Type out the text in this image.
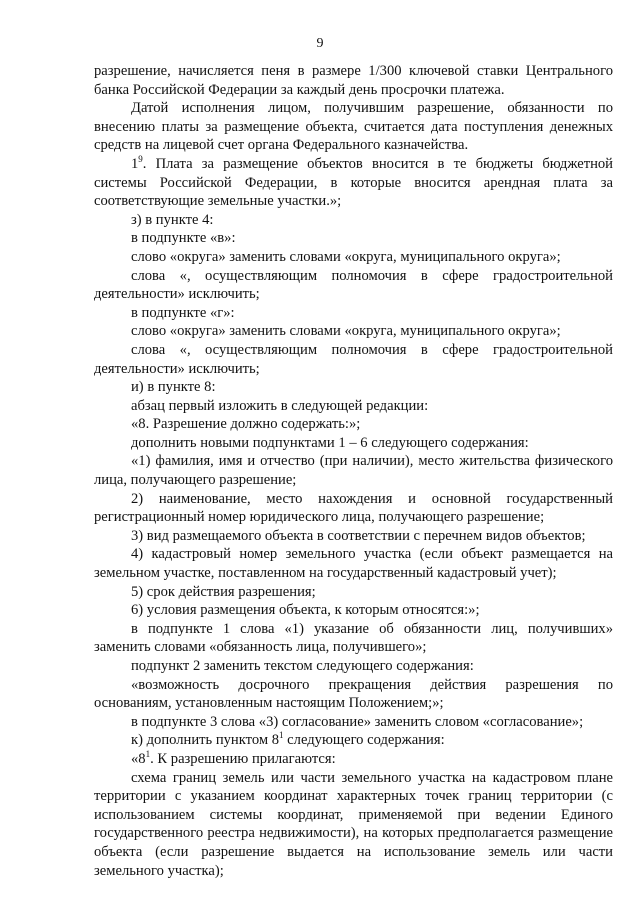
9

разрешение, начисляется пеня в размере 1/300 ключевой ставки Центрального банка Российской Федерации за каждый день просрочки платежа.

Датой исполнения лицом, получившим разрешение, обязанности по внесению платы за размещение объекта, считается дата поступления денежных средств на лицевой счет органа Федерального казначейства.

$1^9$. Плата за размещение объектов вносится в те бюджеты бюджетной системы Российской Федерации, в которые вносится арендная плата за соответствующие земельные участки.»;

з) в пункте 4:

в подпункте «в»:

слово «округа» заменить словами «округа, муниципального округа»;

слова «, осуществляющим полномочия в сфере градостроительной деятельности» исключить;

в подпункте «г»:

слово «округа» заменить словами «округа, муниципального округа»;

слова «, осуществляющим полномочия в сфере градостроительной деятельности» исключить;

и) в пункте 8:

абзац первый изложить в следующей редакции:

«8. Разрешение должно содержать:»;

дополнить новыми подпунктами 1 – 6 следующего содержания:

«1) фамилия, имя и отчество (при наличии), место жительства физического лица, получающего разрешение;

2) наименование, место нахождения и основной государственный регистрационный номер юридического лица, получающего разрешение;

3) вид размещаемого объекта в соответствии с перечнем видов объектов;

4) кадастровый номер земельного участка (если объект размещается на земельном участке, поставленном на государственный кадастровый учет);

5) срок действия разрешения;

6) условия размещения объекта, к которым относятся:»;

в подпункте 1 слова «1) указание об обязанности лиц, получивших» заменить словами «обязанность лица, получившего»;

подпункт 2 заменить текстом следующего содержания:

«возможность досрочного прекращения действия разрешения по основаниям, установленным настоящим Положением;»;

в подпункте 3 слова «3) согласование» заменить словом «согласование»;

к) дополнить пунктом $8^1$ следующего содержания:

«$8^1$. К разрешению прилагаются:

схема границ земель или части земельного участка на кадастровом плане территории с указанием координат характерных точек границ территории (с использованием системы координат, применяемой при ведении Единого государственного реестра недвижимости), на которых предполагается размещение объекта (если разрешение выдается на использование земель или части земельного участка);
